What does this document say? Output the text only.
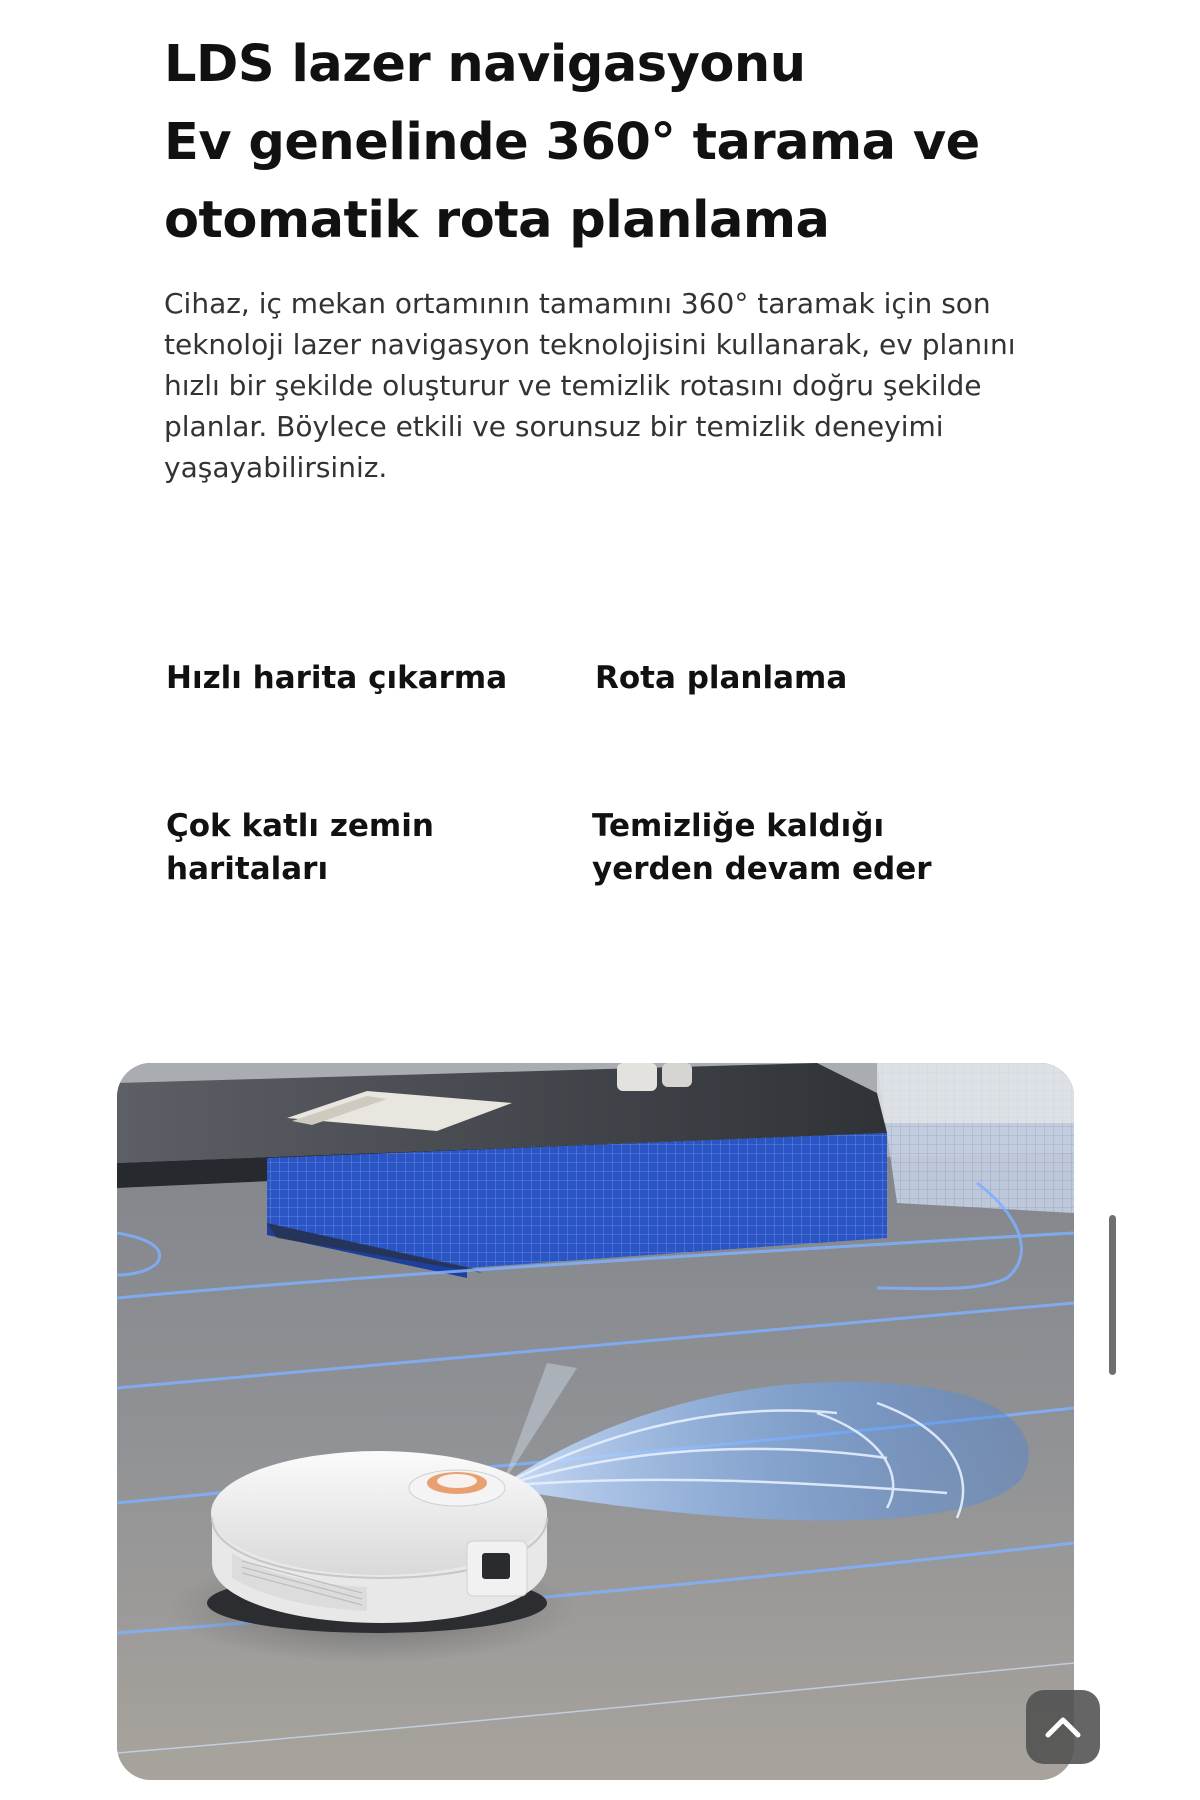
LDS lazer navigasyonu
Ev genelinde 360° tarama ve
otomatik rota planlama

Cihaz, iç mekan ortamının tamamını 360° taramak için son teknoloji lazer navigasyon teknolojisini kullanarak, ev planını hızlı bir şekilde oluşturur ve temizlik rotasını doğru şekilde planlar. Böylece etkili ve sorunsuz bir temizlik deneyimi yaşayabilirsiniz.

Hızlı harita çıkarma	Rota planlama

Çok katlı zemin haritaları

Temizliğe kaldığı yerden devam eder
